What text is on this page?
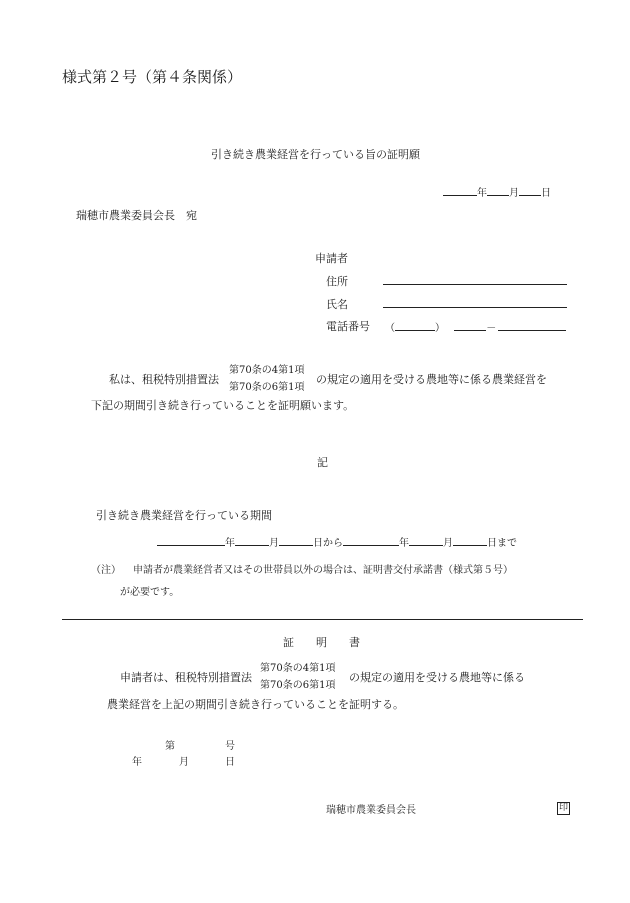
様式第２号（第４条関係）
引き続き農業経営を行っている旨の証明願
年 月 日
瑞穂市農業委員会長　宛
申請者
住所
氏名
電話番号 （	）	－
私は、租税特別措置法
第70条の4第1項
第70条の6第1項
の規定の適用を受ける農地等に係る農業経営を
下記の期間引き続き行っていることを証明願います。
記
引き続き農業経営を行っている期間
年	月	日から	年	月	日まで
（注） 申請者が農業経営者又はその世帯員以外の場合は、証明書交付承諾書（様式第５号）
が必要です。
証　　明　　書
申請者は、租税特別措置法
第70条の4第1項
第70条の6第1項
の規定の適用を受ける農地等に係る
農業経営を上記の期間引き続き行っていることを証明する。
第	号
年	月	日
瑞穂市農業委員会長	印
